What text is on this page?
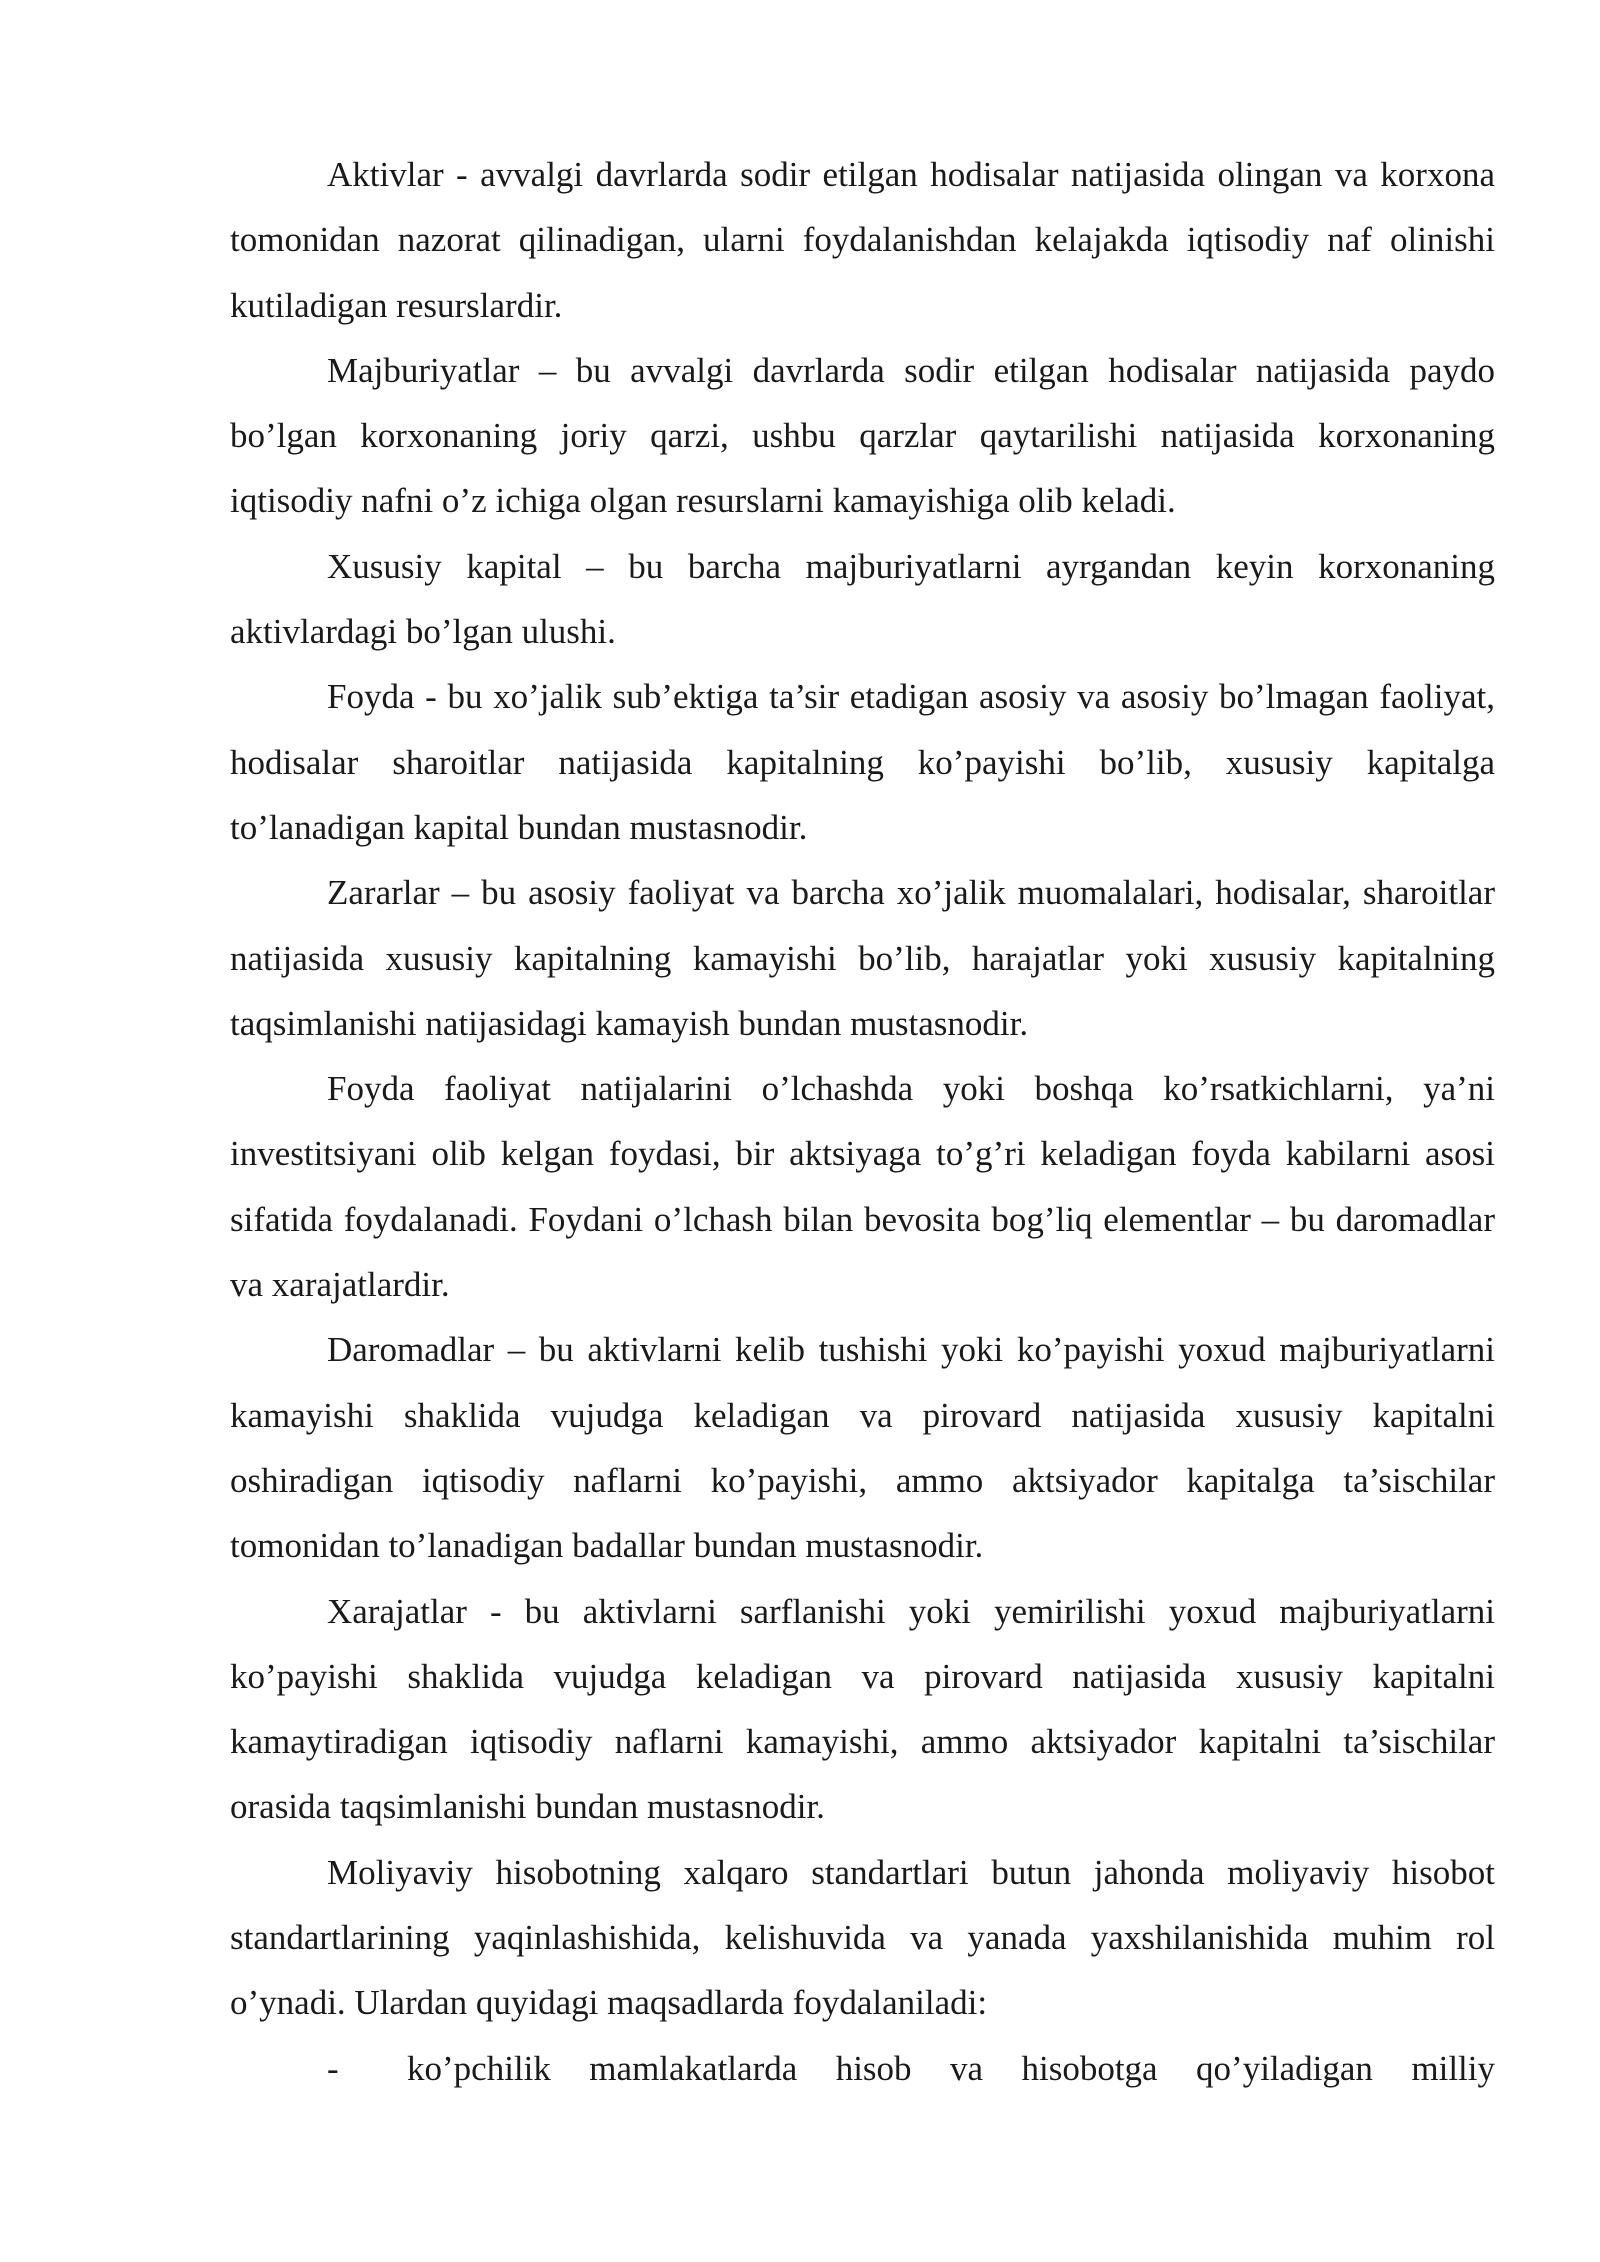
Aktivlar - avvalgi davrlarda sodir etilgan hodisalar natijasida olingan va korxona tomonidan nazorat qilinadigan, ularni foydalanishdan kelajakda iqtisodiy naf olinishi kutiladigan resurslardir.

Majburiyatlar – bu avvalgi davrlarda sodir etilgan hodisalar natijasida paydo bo’lgan korxonaning joriy qarzi, ushbu qarzlar qaytarilishi natijasida korxonaning iqtisodiy nafni o’z ichiga olgan resurslarni kamayishiga olib keladi.

Xususiy kapital – bu barcha majburiyatlarni ayrgandan keyin korxonaning aktivlardagi bo’lgan ulushi.

Foyda - bu xo’jalik sub’ektiga ta’sir etadigan asosiy va asosiy bo’lmagan faoliyat, hodisalar sharoitlar natijasida kapitalning ko’payishi bo’lib, xususiy kapitalga to’lanadigan kapital bundan mustasnodir.

Zararlar – bu asosiy faoliyat va barcha xo’jalik muomalalari, hodisalar, sharoitlar natijasida xususiy kapitalning kamayishi bo’lib, harajatlar yoki xususiy kapitalning taqsimlanishi natijasidagi kamayish bundan mustasnodir.

Foyda faoliyat natijalarini o’lchashda yoki boshqa ko’rsatkichlarni, ya’ni investitsiyani olib kelgan foydasi, bir aktsiyaga to’g’ri keladigan foyda kabilarni asosi sifatida foydalanadi. Foydani o’lchash bilan bevosita bog’liq elementlar – bu daromadlar va xarajatlardir.

Daromadlar – bu aktivlarni kelib tushishi yoki ko’payishi yoxud majburiyatlarni kamayishi shaklida vujudga keladigan va pirovard natijasida xususiy kapitalni oshiradigan iqtisodiy naflarni ko’payishi, ammo aktsiyador kapitalga ta’sischilar tomonidan to’lanadigan badallar bundan mustasnodir.

Xarajatlar - bu aktivlarni sarflanishi yoki yemirilishi yoxud majburiyatlarni ko’payishi shaklida vujudga keladigan va pirovard natijasida xususiy kapitalni kamaytiradigan iqtisodiy naflarni kamayishi, ammo aktsiyador kapitalni ta’sischilar orasida taqsimlanishi bundan mustasnodir.

Moliyaviy hisobotning xalqaro standartlari butun jahonda moliyaviy hisobot standartlarining yaqinlashishida, kelishuvida va yanada yaxshilanishida muhim rol o’ynadi. Ulardan quyidagi maqsadlarda foydalaniladi:

-	ko’pchilik mamlakatlarda hisob va hisobotga qo’yiladigan milliy
